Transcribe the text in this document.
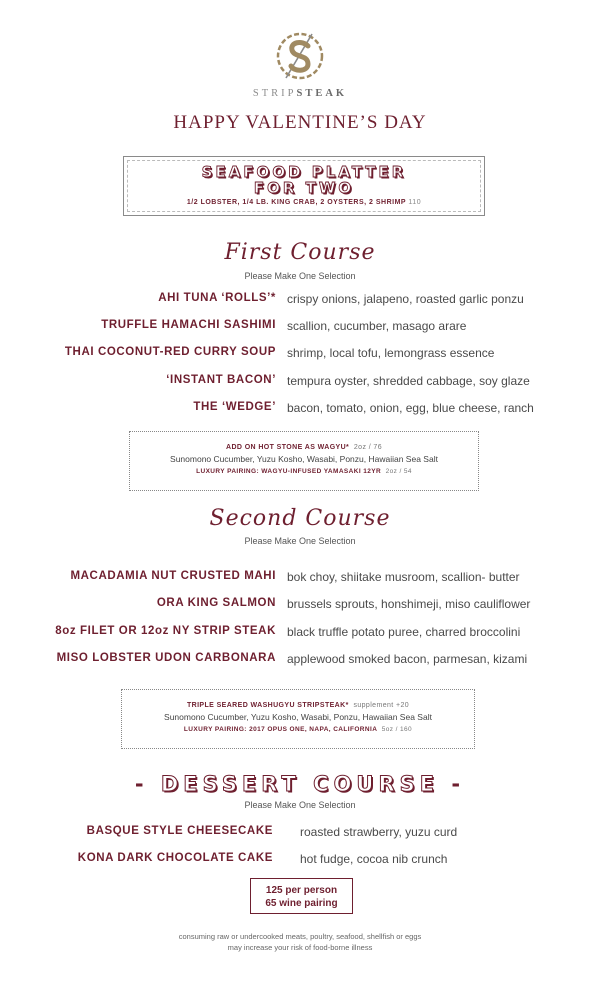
STRIPSTEAK
HAPPY VALENTINE’S DAY
SEAFOOD PLATTER
FOR TWO
1/2 LOBSTER, 1/4 LB. KING CRAB, 2 OYSTERS, 2 SHRIMP 110
First Course
Please Make One Selection
AHI TUNA ‘ROLLS’* crispy onions, jalapeno, roasted garlic ponzu
TRUFFLE HAMACHI SASHIMI scallion, cucumber, masago arare
THAI COCONUT-RED CURRY SOUP shrimp, local tofu, lemongrass essence
‘INSTANT BACON’ tempura oyster, shredded cabbage, soy glaze
THE ‘WEDGE’ bacon, tomato, onion, egg, blue cheese, ranch
ADD ON HOT STONE AS WAGYU* 2oz / 76
Sunomono Cucumber, Yuzu Kosho, Wasabi, Ponzu, Hawaiian Sea Salt
LUXURY PAIRING: WAGYU-INFUSED YAMASAKI 12YR 2oz / 54
Second Course
Please Make One Selection
MACADAMIA NUT CRUSTED MAHI bok choy, shiitake musroom, scallion- butter
ORA KING SALMON brussels sprouts, honshimeji, miso cauliflower
8oz FILET OR 12oz NY STRIP STEAK black truffle potato puree, charred broccolini
MISO LOBSTER UDON CARBONARA applewood smoked bacon, parmesan, kizami
TRIPLE SEARED WASHUGYU STRIPSTEAK* supplement +20
Sunomono Cucumber, Yuzu Kosho, Wasabi, Ponzu, Hawaiian Sea Salt
LUXURY PAIRING: 2017 OPUS ONE, NAPA, CALIFORNIA 5oz / 160
- DESSERT COURSE -
Please Make One Selection
BASQUE STYLE CHEESECAKE roasted strawberry, yuzu curd
KONA DARK CHOCOLATE CAKE hot fudge, cocoa nib crunch
125 per person
65 wine pairing
consuming raw or undercooked meats, poultry, seafood, shellfish or eggs
may increase your risk of food-borne illness
